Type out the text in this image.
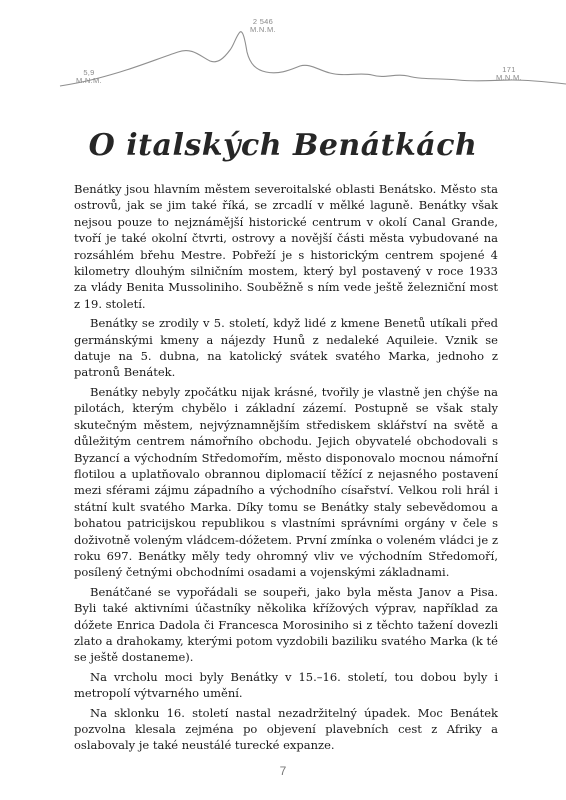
5,9
M.N.M.
2 546
M.N.M.
171
M.N.M.
O italských Benátkách

Benátky jsou hlavním městem severoitalské oblasti Benátsko. Město sta ostrovů, jak se jim také říká, se zrcadlí v mělké laguně. Benátky však nejsou pouze to nejznámější historické centrum v okolí Canal Grande, tvoří je také okolní čtvrti, ostrovy a novější části města vybudované na rozsáhlém břehu Mestre. Pobřeží je s historickým centrem spojené 4 kilometry dlouhým silničním mostem, který byl postavený v roce 1933 za vlády Benita Mussoliniho. Souběžně s ním vede ještě železniční most z 19. století.

Benátky se zrodily v 5. století, když lidé z kmene Benetů utíkali před germánskými kmeny a nájezdy Hunů z nedaleké Aquileie. Vznik se datuje na 5. dubna, na katolický svátek svatého Marka, jednoho z patronů Benátek.

Benátky nebyly zpočátku nijak krásné, tvořily je vlastně jen chýše na pilotách, kterým chybělo i základní zázemí. Postupně se však staly skutečným městem, nejvýznamnějším střediskem sklářství na světě a důležitým centrem námořního obchodu. Jejich obyvatelé obchodovali s Byzancí a východním Středomořím, město disponovalo mocnou námořní flotilou a uplatňovalo obrannou diplomacií těžící z nejasného postavení mezi sférami zájmu západního a východního císařství. Velkou roli hrál i státní kult svatého Marka. Díky tomu se Benátky staly sebevědomou a bohatou patricijskou republikou s vlastními správními orgány v čele s doživotně voleným vládcem-dóžetem. První zmínka o voleném vládci je z roku 697. Benátky měly tedy ohromný vliv ve východním Středomoří, posílený četnými obchodními osadami a vojenskými základnami.

Benátčané se vypořádali se soupeři, jako byla města Janov a Pisa. Byli také aktivními účastníky několika křížových výprav, například za dóžete Enrica Dadola či Francesca Morosiniho si z těchto tažení dovezli zlato a drahokamy, kterými potom vyzdobili baziliku svatého Marka (k té se ještě dostaneme).

Na vrcholu moci byly Benátky v 15.–16. století, tou dobou byly i metropolí výtvarného umění.

Na sklonku 16. století nastal nezadržitelný úpadek. Moc Benátek pozvolna klesala zejména po objevení plavebních cest z Afriky a oslabovaly je také neustálé turecké expanze.

7
